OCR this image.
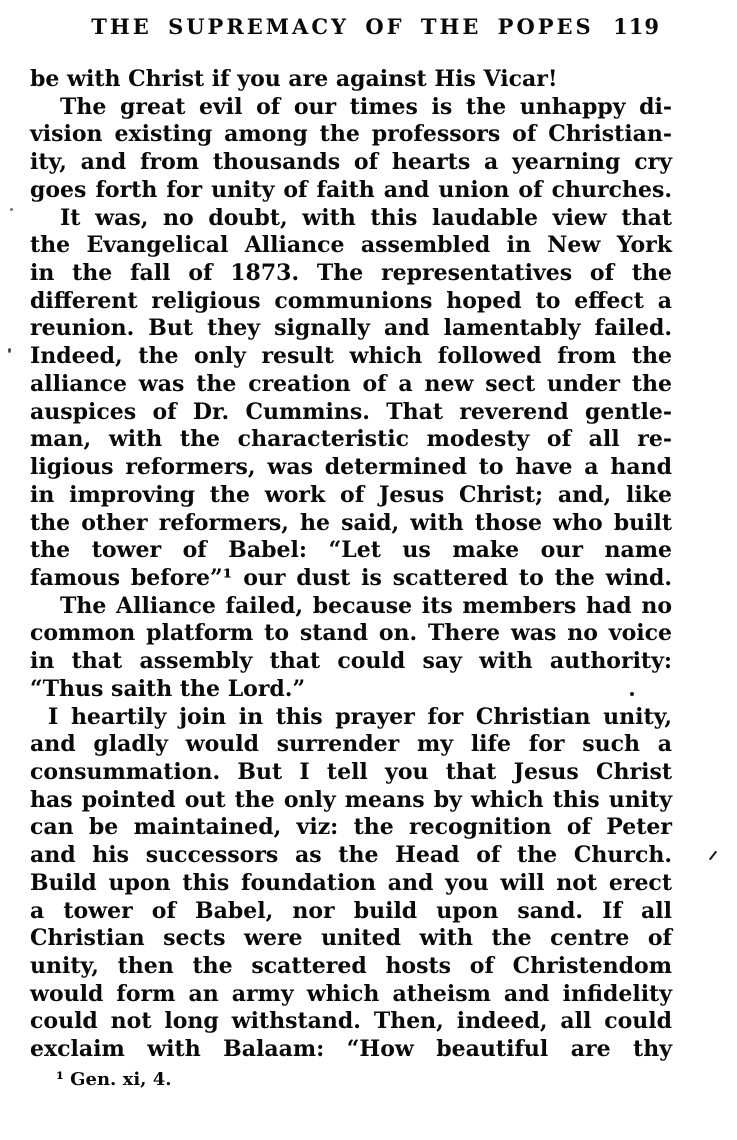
THE SUPREMACY OF THE POPES 119
be with Christ if you are against His Vicar!
The great evil of our times is the unhappy di-
vision existing among the professors of Christian-
ity, and from thousands of hearts a yearning cry
goes forth for unity of faith and union of churches.
It was, no doubt, with this laudable view that
the Evangelical Alliance assembled in New York
in the fall of 1873. The representatives of the
different religious communions hoped to effect a
reunion. But they signally and lamentably failed.
Indeed, the only result which followed from the
alliance was the creation of a new sect under the
auspices of Dr. Cummins. That reverend gentle-
man, with the characteristic modesty of all re-
ligious reformers, was determined to have a hand
in improving the work of Jesus Christ; and, like
the other reformers, he said, with those who built
the tower of Babel: “Let us make our name
famous before”¹ our dust is scattered to the wind.
The Alliance failed, because its members had no
common platform to stand on. There was no voice
in that assembly that could say with authority:
“Thus saith the Lord.”
I heartily join in this prayer for Christian unity,
and gladly would surrender my life for such a
consummation. But I tell you that Jesus Christ
has pointed out the only means by which this unity
can be maintained, viz: the recognition of Peter
and his successors as the Head of the Church.
Build upon this foundation and you will not erect
a tower of Babel, nor build upon sand. If all
Christian sects were united with the centre of
unity, then the scattered hosts of Christendom
would form an army which atheism and infidelity
could not long withstand. Then, indeed, all could
exclaim with Balaam: “How beautiful are thy
¹ Gen. xi, 4.
